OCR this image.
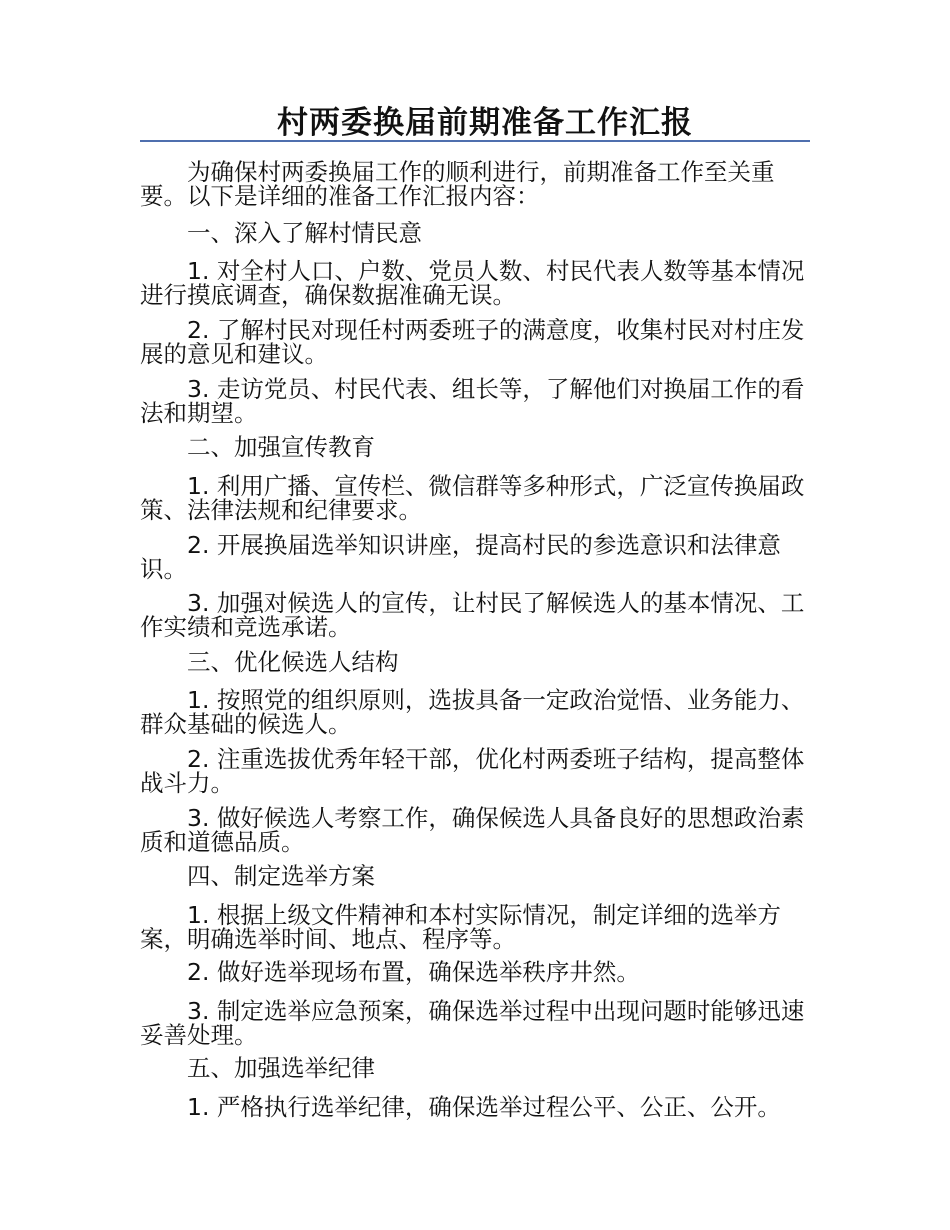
村两委换届前期准备工作汇报
为确保村两委换届工作的顺利进行，前期准备工作至关重要。以下是详细的准备工作汇报内容：
一、深入了解村情民意
1. 对全村人口、户数、党员人数、村民代表人数等基本情况进行摸底调查，确保数据准确无误。
2. 了解村民对现任村两委班子的满意度，收集村民对村庄发展的意见和建议。
3. 走访党员、村民代表、组长等，了解他们对换届工作的看法和期望。
二、加强宣传教育
1. 利用广播、宣传栏、微信群等多种形式，广泛宣传换届政策、法律法规和纪律要求。
2. 开展换届选举知识讲座，提高村民的参选意识和法律意识。
3. 加强对候选人的宣传，让村民了解候选人的基本情况、工作实绩和竞选承诺。
三、优化候选人结构
1. 按照党的组织原则，选拔具备一定政治觉悟、业务能力、群众基础的候选人。
2. 注重选拔优秀年轻干部，优化村两委班子结构，提高整体战斗力。
3. 做好候选人考察工作，确保候选人具备良好的思想政治素质和道德品质。
四、制定选举方案
1. 根据上级文件精神和本村实际情况，制定详细的选举方案，明确选举时间、地点、程序等。
2. 做好选举现场布置，确保选举秩序井然。
3. 制定选举应急预案，确保选举过程中出现问题时能够迅速妥善处理。
五、加强选举纪律
1. 严格执行选举纪律，确保选举过程公平、公正、公开。
